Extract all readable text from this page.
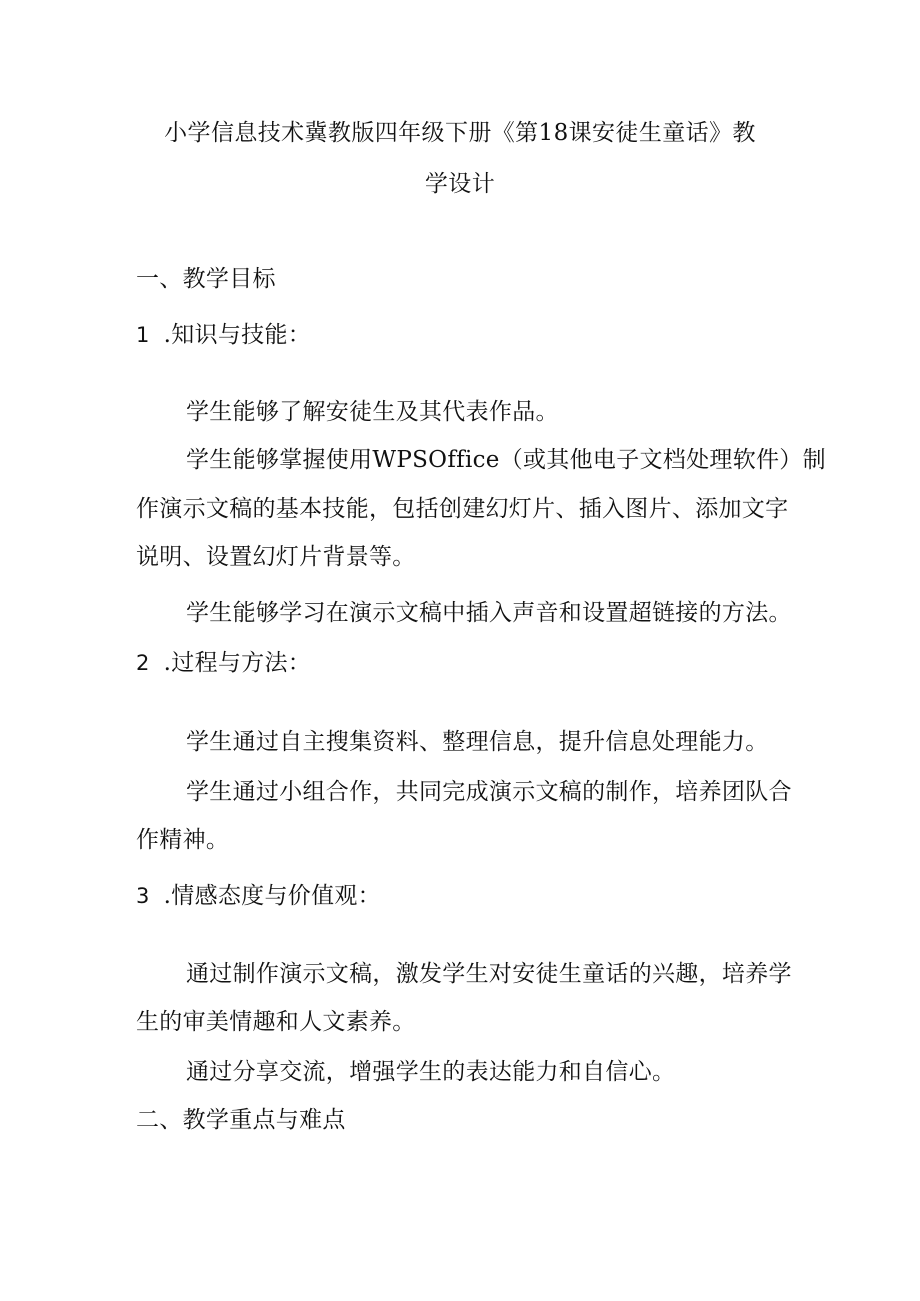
小学信息技术冀教版四年级下册《第18课安徒生童话》教
学设计
一、教学目标
1 .知识与技能：
学生能够了解安徒生及其代表作品。
学生能够掌握使用WPSOffice（或其他电子文档处理软件）制
作演示文稿的基本技能，包括创建幻灯片、插入图片、添加文字
说明、设置幻灯片背景等。
学生能够学习在演示文稿中插入声音和设置超链接的方法。
2 .过程与方法：
学生通过自主搜集资料、整理信息，提升信息处理能力。
学生通过小组合作，共同完成演示文稿的制作，培养团队合
作精神。
3 .情感态度与价值观：
通过制作演示文稿，激发学生对安徒生童话的兴趣，培养学
生的审美情趣和人文素养。
通过分享交流，增强学生的表达能力和自信心。
二、教学重点与难点
